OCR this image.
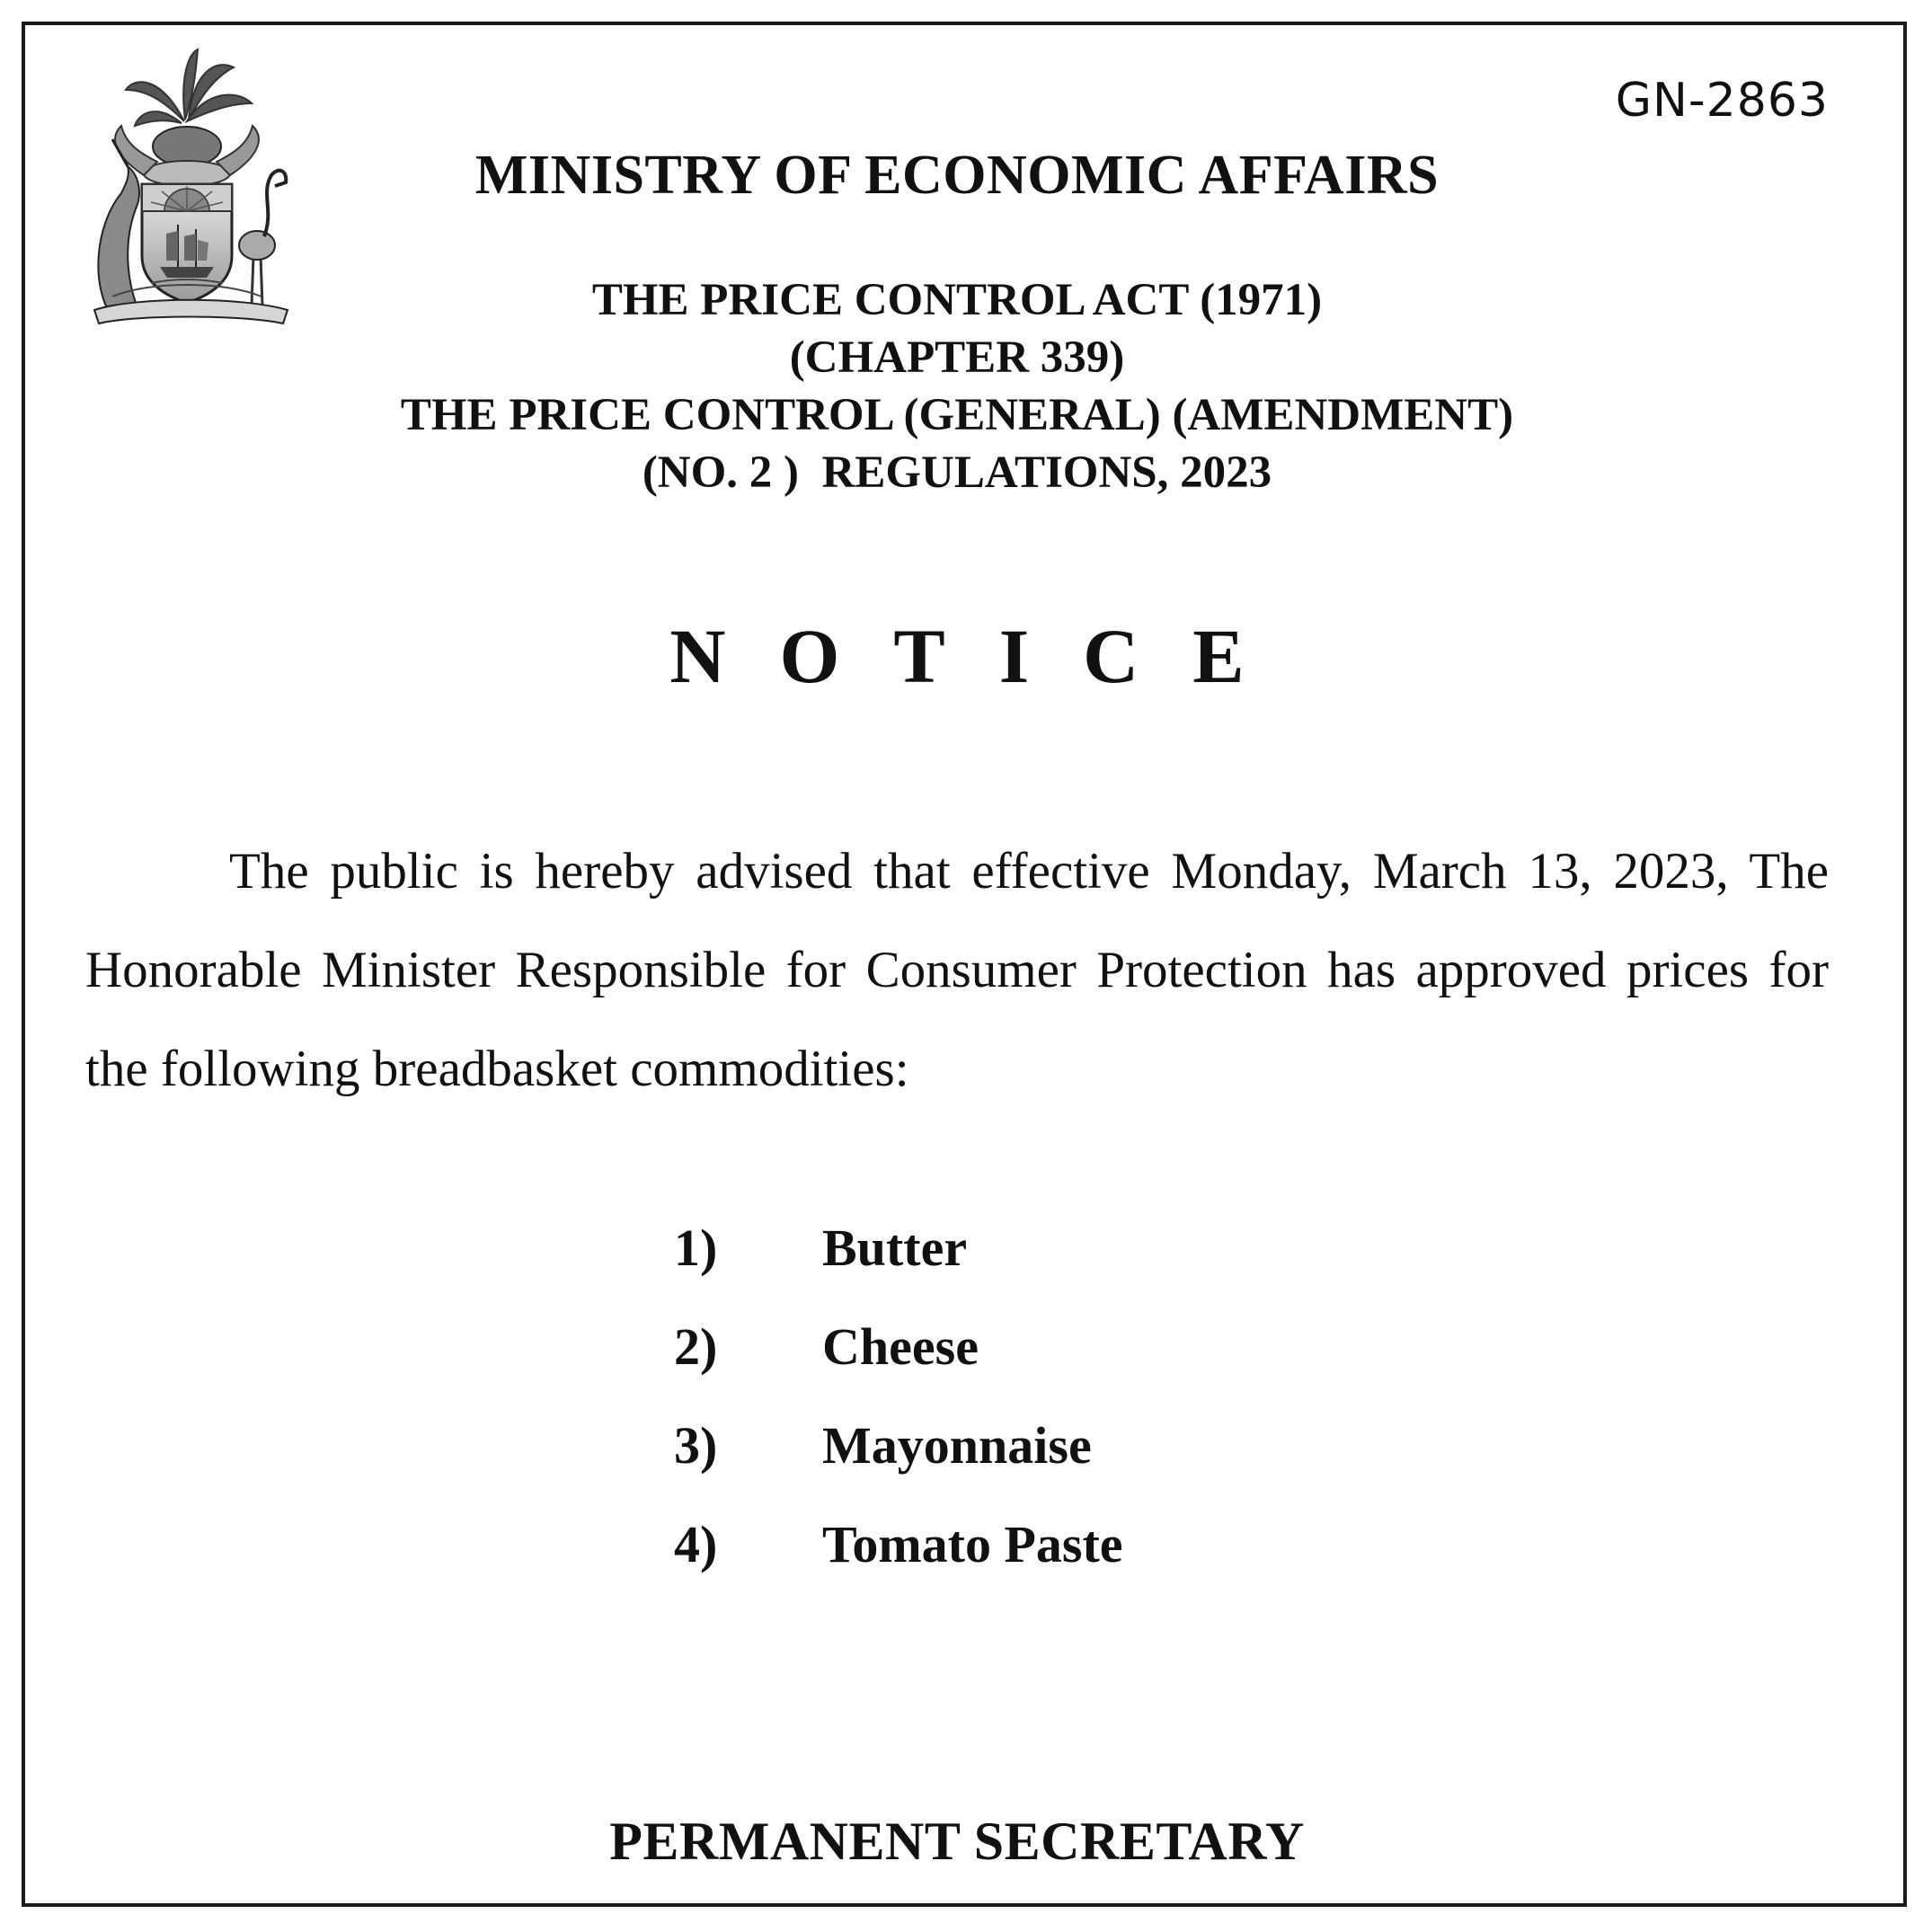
GN-2863
MINISTRY OF ECONOMIC AFFAIRS
THE PRICE CONTROL ACT (1971)
(CHAPTER 339)
THE PRICE CONTROL (GENERAL) (AMENDMENT)
(NO. 2 )  REGULATIONS, 2023
NOTICE
The public is hereby advised that effective Monday, March 13, 2023, The Honorable Minister Responsible for Consumer Protection has approved prices for the following breadbasket commodities:
1)	Butter
2)	Cheese
3)	Mayonnaise
4)	Tomato Paste
PERMANENT SECRETARY
